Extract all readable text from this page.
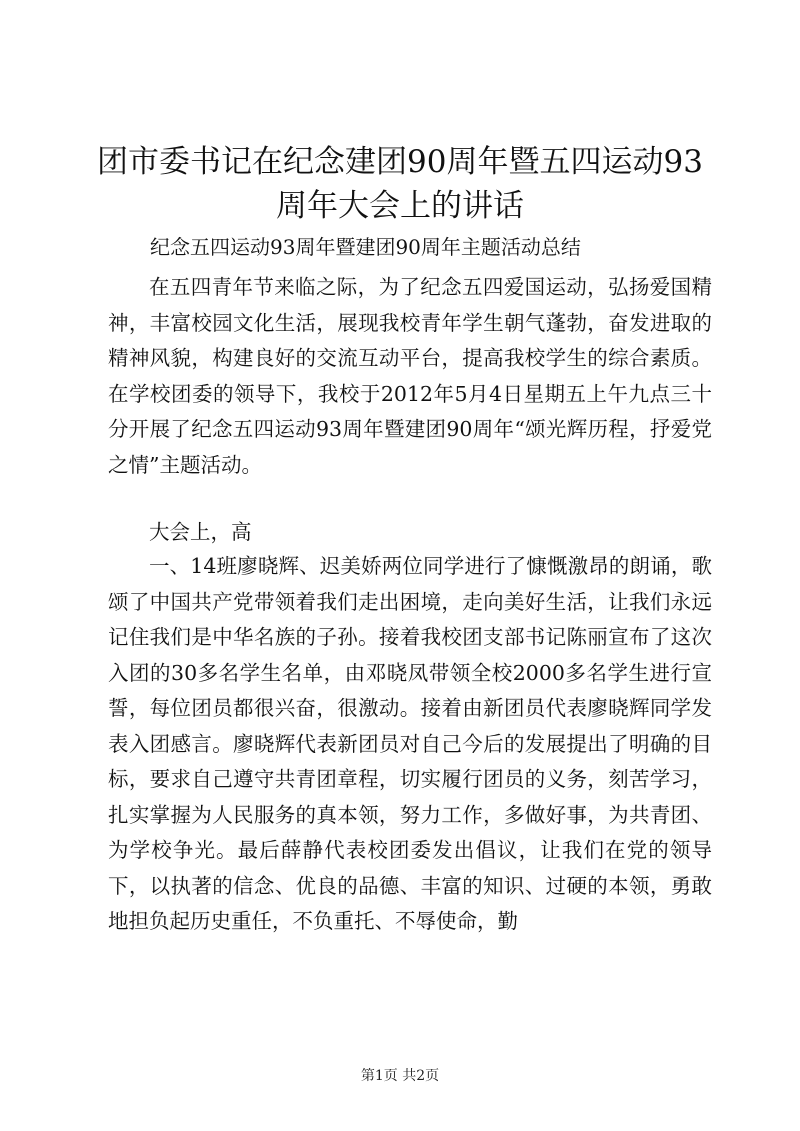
团市委书记在纪念建团90周年暨五四运动93
周年大会上的讲话
纪念五四运动93周年暨建团90周年主题活动总结

在五四青年节来临之际，为了纪念五四爱国运动，弘扬爱国精神，丰富校园文化生活，展现我校青年学生朝气蓬勃，奋发进取的精神风貌，构建良好的交流互动平台，提高我校学生的综合素质。在学校团委的领导下，我校于2012年5月4日星期五上午九点三十分开展了纪念五四运动93周年暨建团90周年“颂光辉历程，抒爱党之情”主题活动。

大会上，高

一、14班廖晓辉、迟美娇两位同学进行了慷慨激昂的朗诵，歌颂了中国共产党带领着我们走出困境，走向美好生活，让我们永远记住我们是中华名族的子孙。接着我校团支部书记陈丽宣布了这次入团的30多名学生名单，由邓晓凤带领全校2000多名学生进行宣誓，每位团员都很兴奋，很激动。接着由新团员代表廖晓辉同学发表入团感言。廖晓辉代表新团员对自己今后的发展提出了明确的目标，要求自己遵守共青团章程，切实履行团员的义务，刻苦学习，扎实掌握为人民服务的真本领，努力工作，多做好事，为共青团、为学校争光。最后薛静代表校团委发出倡议，让我们在党的领导下，以执著的信念、优良的品德、丰富的知识、过硬的本领，勇敢地担负起历史重任，不负重托、不辱使命，勤

第1页 共2页
